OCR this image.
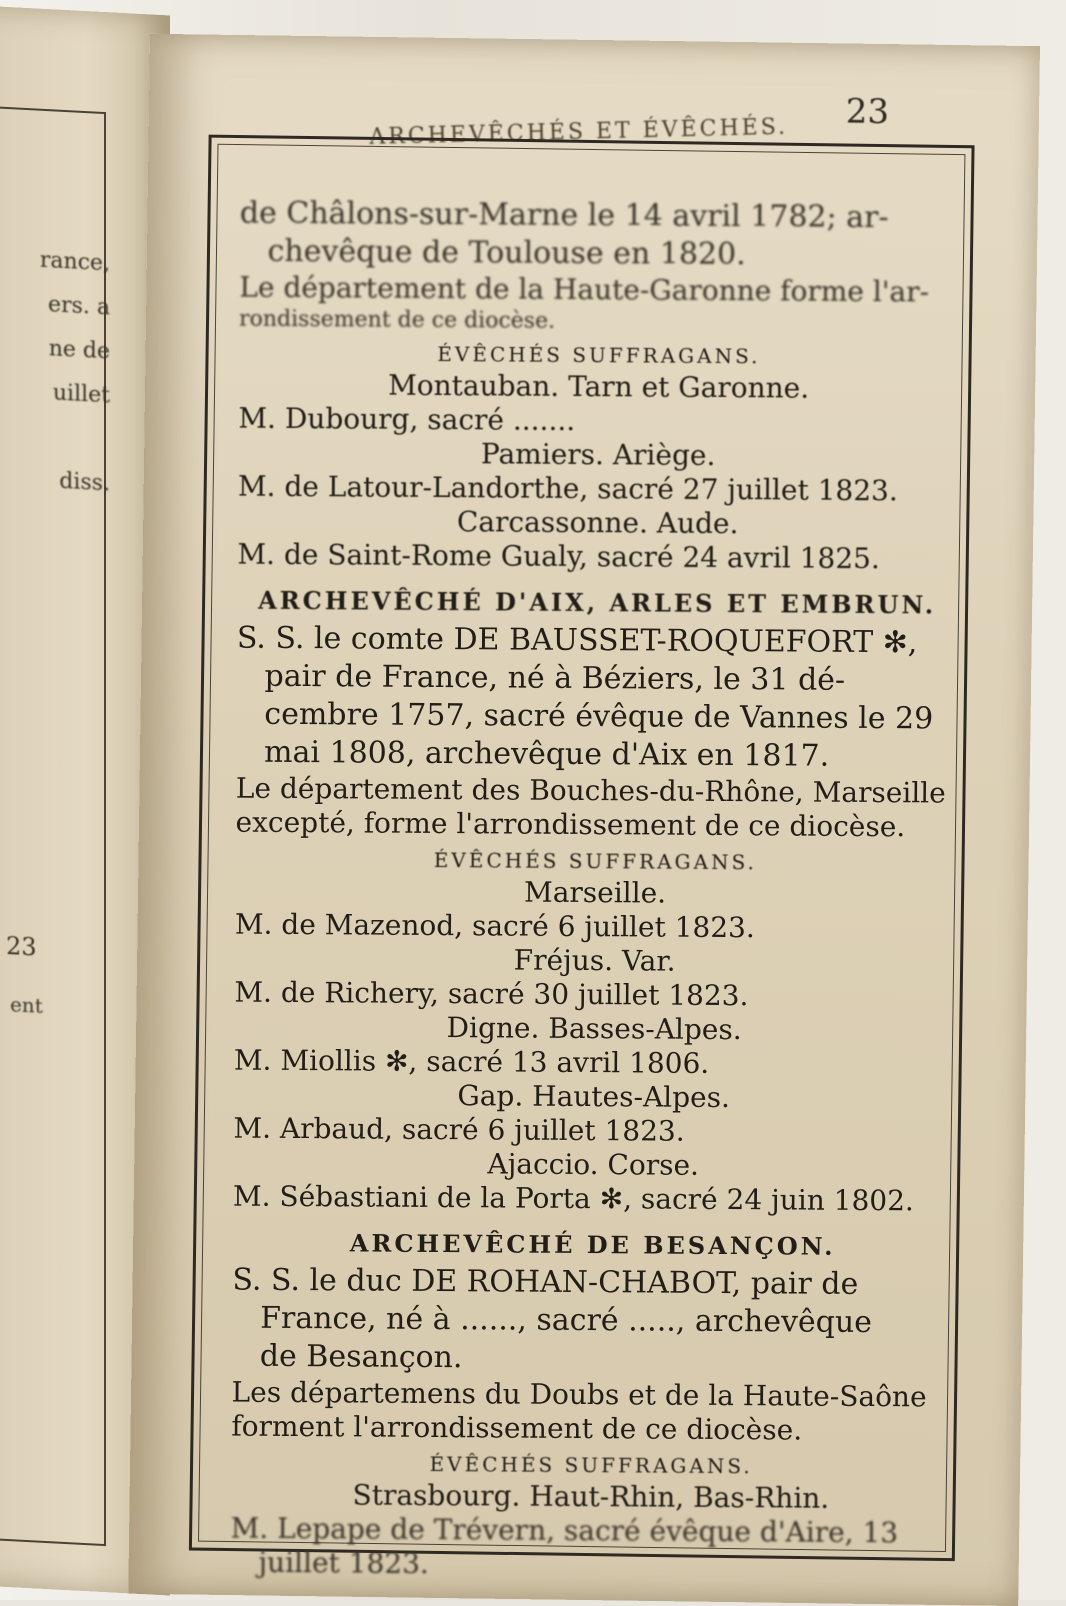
rance,
ers. a
ne de
uillet

diss.
23
ent
ARCHEVÊCHÉS ET ÉVÊCHÉS.
23
de Châlons-sur-Marne le 14 avril 1782; ar-
chevêque de Toulouse en 1820.
Le département de la Haute-Garonne forme l'ar-
rondissement de ce diocèse.
ÉVÊCHÉS SUFFRAGANS.
Montauban. Tarn et Garonne.
M. Dubourg, sacré .......
Pamiers. Ariège.
M. de Latour-Landorthe, sacré 27 juillet 1823.
Carcassonne. Aude.
M. de Saint-Rome Gualy, sacré 24 avril 1825.
ARCHEVÊCHÉ D'AIX, ARLES ET EMBRUN.
S. S. le comte DE BAUSSET-ROQUEFORT ✻,
pair de France, né à Béziers, le 31 dé-
cembre 1757, sacré évêque de Vannes le 29
mai 1808, archevêque d'Aix en 1817.
Le département des Bouches-du-Rhône, Marseille
excepté, forme l'arrondissement de ce diocèse.
ÉVÊCHÉS SUFFRAGANS.
Marseille.
M. de Mazenod, sacré 6 juillet 1823.
Fréjus. Var.
M. de Richery, sacré 30 juillet 1823.
Digne. Basses-Alpes.
M. Miollis ✻, sacré 13 avril 1806.
Gap. Hautes-Alpes.
M. Arbaud, sacré 6 juillet 1823.
Ajaccio. Corse.
M. Sébastiani de la Porta ✻, sacré 24 juin 1802.
ARCHEVÊCHÉ DE BESANÇON.
S. S. le duc DE ROHAN-CHABOT, pair de
France, né à ......, sacré ....., archevêque
de Besançon.
Les départemens du Doubs et de la Haute-Saône
forment l'arrondissement de ce diocèse.
ÉVÊCHÉS SUFFRAGANS.
Strasbourg. Haut-Rhin, Bas-Rhin.
M. Lepape de Trévern, sacré évêque d'Aire, 13
juillet 1823.
